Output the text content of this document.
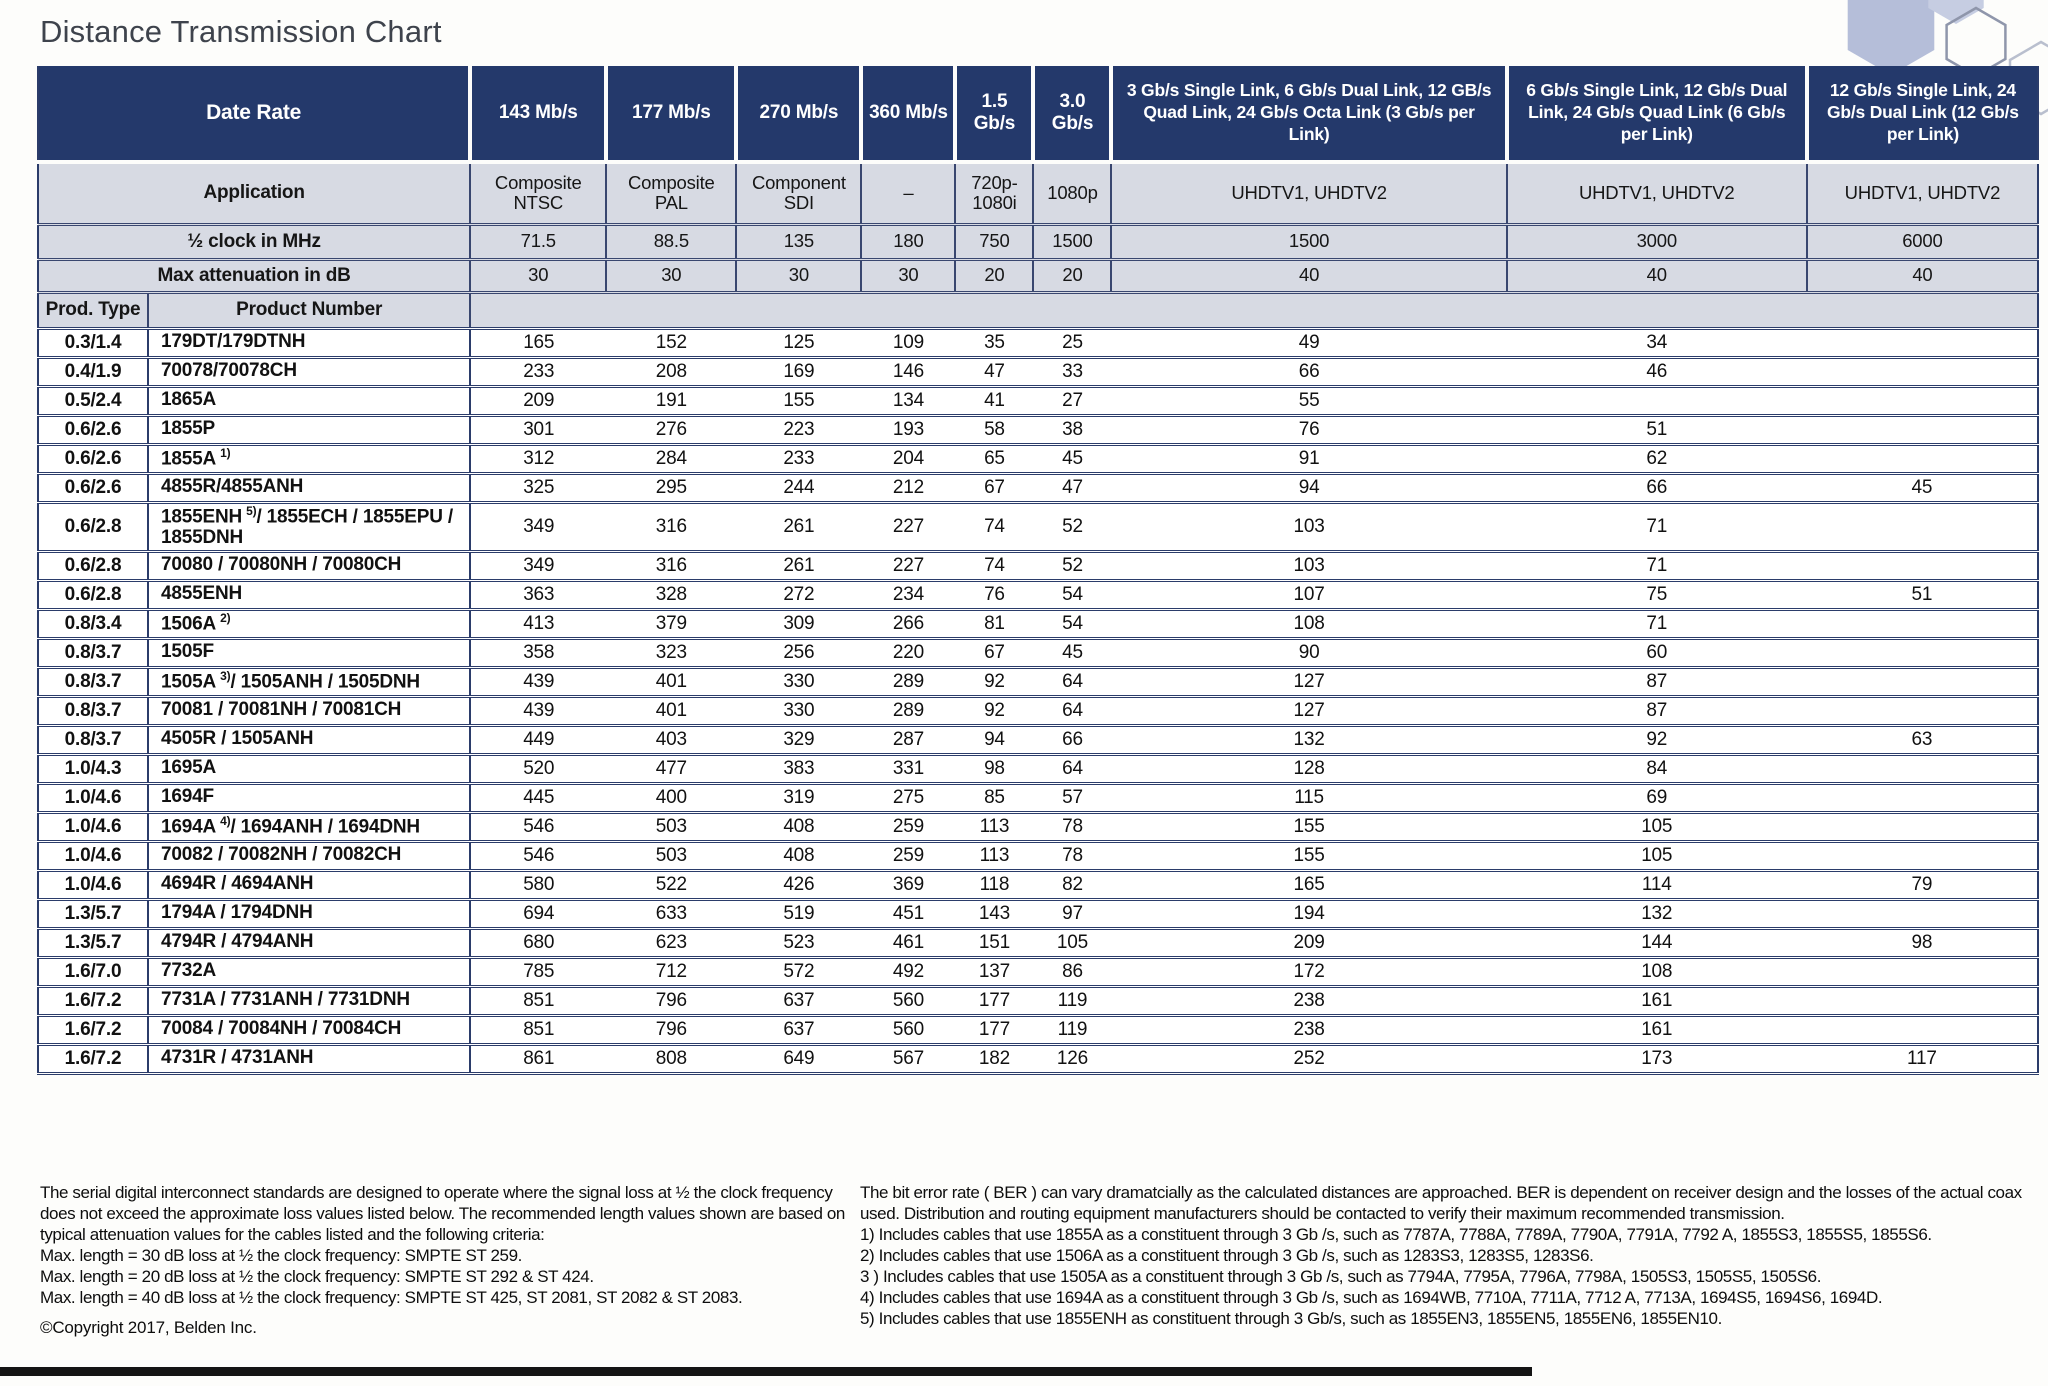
Distance Transmission Chart
Date Rate		143 Mb/s	177 Mb/s	270 Mb/s	360 Mb/s	1.5 Gb/s	3.0 Gb/s	3 Gb/s Single Link, 6 Gb/s Dual Link, 12 GB/s Quad Link, 24 Gb/s Octa Link (3 Gb/s per Link)	6 Gb/s Single Link, 12 Gb/s Dual Link, 24 Gb/s Quad Link (6 Gb/s per Link)	12 Gb/s Single Link, 24 Gb/s Dual Link (12 Gb/s per Link)
Application		Composite NTSC	Composite PAL	Component SDI	–	720p-1080i	1080p	UHDTV1, UHDTV2	UHDTV1, UHDTV2	UHDTV1, UHDTV2
½ clock in MHz		71.5	88.5	135	180	750	1500	1500	3000	6000
Max attenuation in dB		30	30	30	30	20	20	40	40	40
Prod. Type	Product Number									
0.3/1.4	179DT/179DTNH	165	152	125	109	35	25	49	34	
0.4/1.9	70078/70078CH	233	208	169	146	47	33	66	46	
0.5/2.4	1865A	209	191	155	134	41	27	55		
0.6/2.6	1855P	301	276	223	193	58	38	76	51	
0.6/2.6	1855A $^{1)}$	312	284	233	204	65	45	91	62	
0.6/2.6	4855R/4855ANH	325	295	244	212	67	47	94	66	45
0.6/2.8	1855ENH $^{5)}$/ 1855ECH / 1855EPU / 1855DNH	349	316	261	227	74	52	103	71	
0.6/2.8	70080 / 70080NH / 70080CH	349	316	261	227	74	52	103	71	
0.6/2.8	4855ENH	363	328	272	234	76	54	107	75	51
0.8/3.4	1506A $^{2)}$	413	379	309	266	81	54	108	71	
0.8/3.7	1505F	358	323	256	220	67	45	90	60	
0.8/3.7	1505A $^{3)}$/ 1505ANH / 1505DNH	439	401	330	289	92	64	127	87	
0.8/3.7	70081 / 70081NH / 70081CH	439	401	330	289	92	64	127	87	
0.8/3.7	4505R / 1505ANH	449	403	329	287	94	66	132	92	63
1.0/4.3	1695A	520	477	383	331	98	64	128	84	
1.0/4.6	1694F	445	400	319	275	85	57	115	69	
1.0/4.6	1694A $^{4)}$/ 1694ANH / 1694DNH	546	503	408	259	113	78	155	105	
1.0/4.6	70082 / 70082NH / 70082CH	546	503	408	259	113	78	155	105	
1.0/4.6	4694R / 4694ANH	580	522	426	369	118	82	165	114	79
1.3/5.7	1794A / 1794DNH	694	633	519	451	143	97	194	132	
1.3/5.7	4794R / 4794ANH	680	623	523	461	151	105	209	144	98
1.6/7.0	7732A	785	712	572	492	137	86	172	108	
1.6/7.2	7731A / 7731ANH / 7731DNH	851	796	637	560	177	119	238	161	
1.6/7.2	70084 / 70084NH / 70084CH	851	796	637	560	177	119	238	161	
1.6/7.2	4731R / 4731ANH	861	808	649	567	182	126	252	173	117

The serial digital interconnect standards are designed to operate where the signal loss at ½ the clock frequency does not exceed the approximate loss values listed below. The recommended length values shown are based on typical attenuation values for the cables listed and the following criteria:

Max. length = 30 dB loss at ½ the clock frequency: SMPTE ST 259.

Max. length = 20 dB loss at ½ the clock frequency: SMPTE ST 292 & ST 424.

Max. length = 40 dB loss at ½ the clock frequency: SMPTE ST 425, ST 2081, ST 2082 & ST 2083.

©Copyright 2017, Belden Inc.

The bit error rate ( BER ) can vary dramatcially as the calculated distances are approached. BER is dependent on receiver design and the losses of the actual coax used. Distribution and routing equipment manufacturers should be contacted to verify their maximum recommended transmission.

1) Includes cables that use 1855A as a constituent through 3 Gb /s, such as 7787A, 7788A, 7789A, 7790A, 7791A, 7792 A, 1855S3, 1855S5, 1855S6.

2) Includes cables that use 1506A as a constituent through 3 Gb /s, such as 1283S3, 1283S5, 1283S6.

3 ) Includes cables that use 1505A as a constituent through 3 Gb /s, such as 7794A, 7795A, 7796A, 7798A, 1505S3, 1505S5, 1505S6.

4) Includes cables that use 1694A as a constituent through 3 Gb /s, such as 1694WB, 7710A, 7711A, 7712 A, 7713A, 1694S5, 1694S6, 1694D.

5) Includes cables that use 1855ENH as constituent through 3 Gb/s, such as 1855EN3, 1855EN5, 1855EN6, 1855EN10.
